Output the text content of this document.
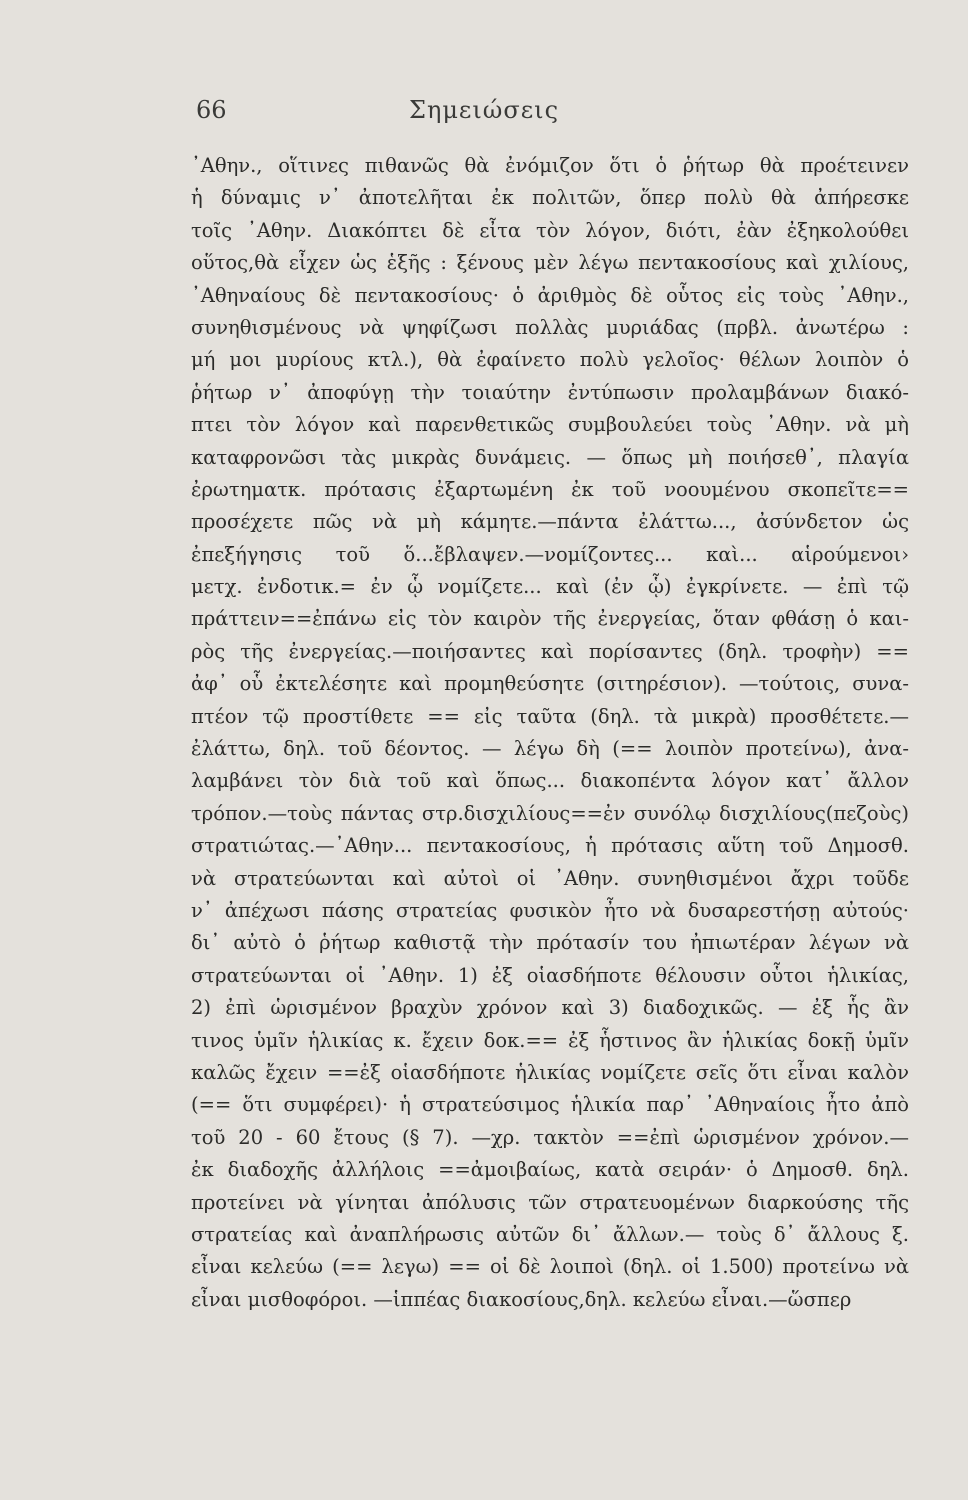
66	Σημειώσεις
᾿Αθην., οἵτινες πιθανῶς θὰ ἐνόμιζον ὅτι ὁ ῥήτωρ θὰ προέτεινεν
ἡ δύναμις ν᾿ ἀποτελῆται ἐκ πολιτῶν, ὅπερ πολὺ θὰ ἀπήρεσκε
τοῖς ᾿Αθην. Διακόπτει δὲ εἶτα τὸν λόγον, διότι, ἐὰν ἐξηκολούθει
οὕτος,θὰ εἶχεν ὡς ἑξῆς : ξένους μὲν λέγω πεντακοσίους καὶ χιλίους,
᾿Αθηναίους δὲ πεντακοσίους· ὁ ἀριθμὸς δὲ οὗτος εἰς τοὺς ᾿Αθην.,
συνηθισμένους νὰ ψηφίζωσι πολλὰς μυριάδας (πρβλ. ἀνωτέρω :
μή μοι μυρίους κτλ.), θὰ ἐφαίνετο πολὺ γελοῖος· θέλων λοιπὸν ὁ
ῥήτωρ ν᾿ ἀποφύγῃ τὴν τοιαύτην ἐντύπωσιν προλαμβάνων διακό-
πτει τὸν λόγον καὶ παρενθετικῶς συμβουλεύει τοὺς ᾿Αθην. νὰ μὴ
καταφρονῶσι τὰς μικρὰς δυνάμεις. — ὅπως μὴ ποιήσεθ᾿, πλαγία
ἐρωτηματκ. πρότασις ἐξαρτωμένη ἐκ τοῦ νοουμένου σκοπεῖτε==
προσέχετε πῶς νὰ μὴ κάμητε.—πάντα ἐλάττω..., ἀσύνδετον ὡς
ἐπεξήγησις τοῦ ὅ...ἔβλαψεν.—νομίζοντες... καὶ... αἱρούμενοι›
μετχ. ἐνδοτικ.= ἐν ᾧ νομίζετε... καὶ (ἐν ᾧ) ἐγκρίνετε. — ἐπὶ τῷ
πράττειν==ἐπάνω εἰς τὸν καιρὸν τῆς ἐνεργείας, ὅταν φθάσῃ ὁ και-
ρὸς τῆς ἐνεργείας.—ποιήσαντες καὶ πορίσαντες (δηλ. τροφὴν) ==
ἀφ᾿ οὗ ἐκτελέσητε καὶ προμηθεύσητε (σιτηρέσιον). —τούτοις, συνα-
πτέον τῷ προστίθετε == εἰς ταῦτα (δηλ. τὰ μικρὰ) προσθέτετε.—
ἐλάττω, δηλ. τοῦ δέοντος. — λέγω δὴ (== λοιπὸν προτείνω), ἀνα-
λαμβάνει τὸν διὰ τοῦ καὶ ὅπως... διακοπέντα λόγον κατ᾿ ἄλλον
τρόπον.—τοὺς πάντας στρ.δισχιλίους==ἐν συνόλῳ δισχιλίους(πεζοὺς)
στρατιώτας.—᾿Αθην... πεντακοσίους, ἡ πρότασις αὕτη τοῦ Δημοσθ.
νὰ στρατεύωνται καὶ αὐτοὶ οἱ ᾿Αθην. συνηθισμένοι ἄχρι τοῦδε
ν᾿ ἀπέχωσι πάσης στρατείας φυσικὸν ἦτο νὰ δυσαρεστήσῃ αὐτούς·
δι᾿ αὐτὸ ὁ ῥήτωρ καθιστᾷ τὴν πρότασίν του ἠπιωτέραν λέγων νὰ
στρατεύωνται οἱ ᾿Αθην. 1) ἐξ οἱασδήποτε θέλουσιν οὗτοι ἡλικίας,
2) ἐπὶ ὡρισμένον βραχὺν χρόνον καὶ 3) διαδοχικῶς. — ἐξ ἧς ἂν
τινος ὑμῖν ἡλικίας κ. ἔχειν δοκ.== ἐξ ἧστινος ἂν ἡλικίας δοκῇ ὑμῖν
καλῶς ἔχειν ==ἐξ οἱασδήποτε ἡλικίας νομίζετε σεῖς ὅτι εἶναι καλὸν
(== ὅτι συμφέρει)· ἡ στρατεύσιμος ἡλικία παρ᾿ ᾿Αθηναίοις ἦτο ἀπὸ
τοῦ 20 - 60 ἔτους (§ 7). —χρ. τακτὸν ==ἐπὶ ὡρισμένον χρόνον.—
ἐκ διαδοχῆς ἀλλήλοις ==ἀμοιβαίως, κατὰ σειράν· ὁ Δημοσθ. δηλ.
προτείνει νὰ γίνηται ἀπόλυσις τῶν στρατευομένων διαρκούσης τῆς
στρατείας καὶ ἀναπλήρωσις αὐτῶν δι᾿ ἄλλων.— τοὺς δ᾿ ἄλλους ξ.
εἶναι κελεύω (== λεγω) == οἱ δὲ λοιποὶ (δηλ. οἱ 1.500) προτείνω νὰ
εἶναι μισθοφόροι. —ἱππέας διακοσίους,δηλ. κελεύω εἶναι.—ὥσπερ
